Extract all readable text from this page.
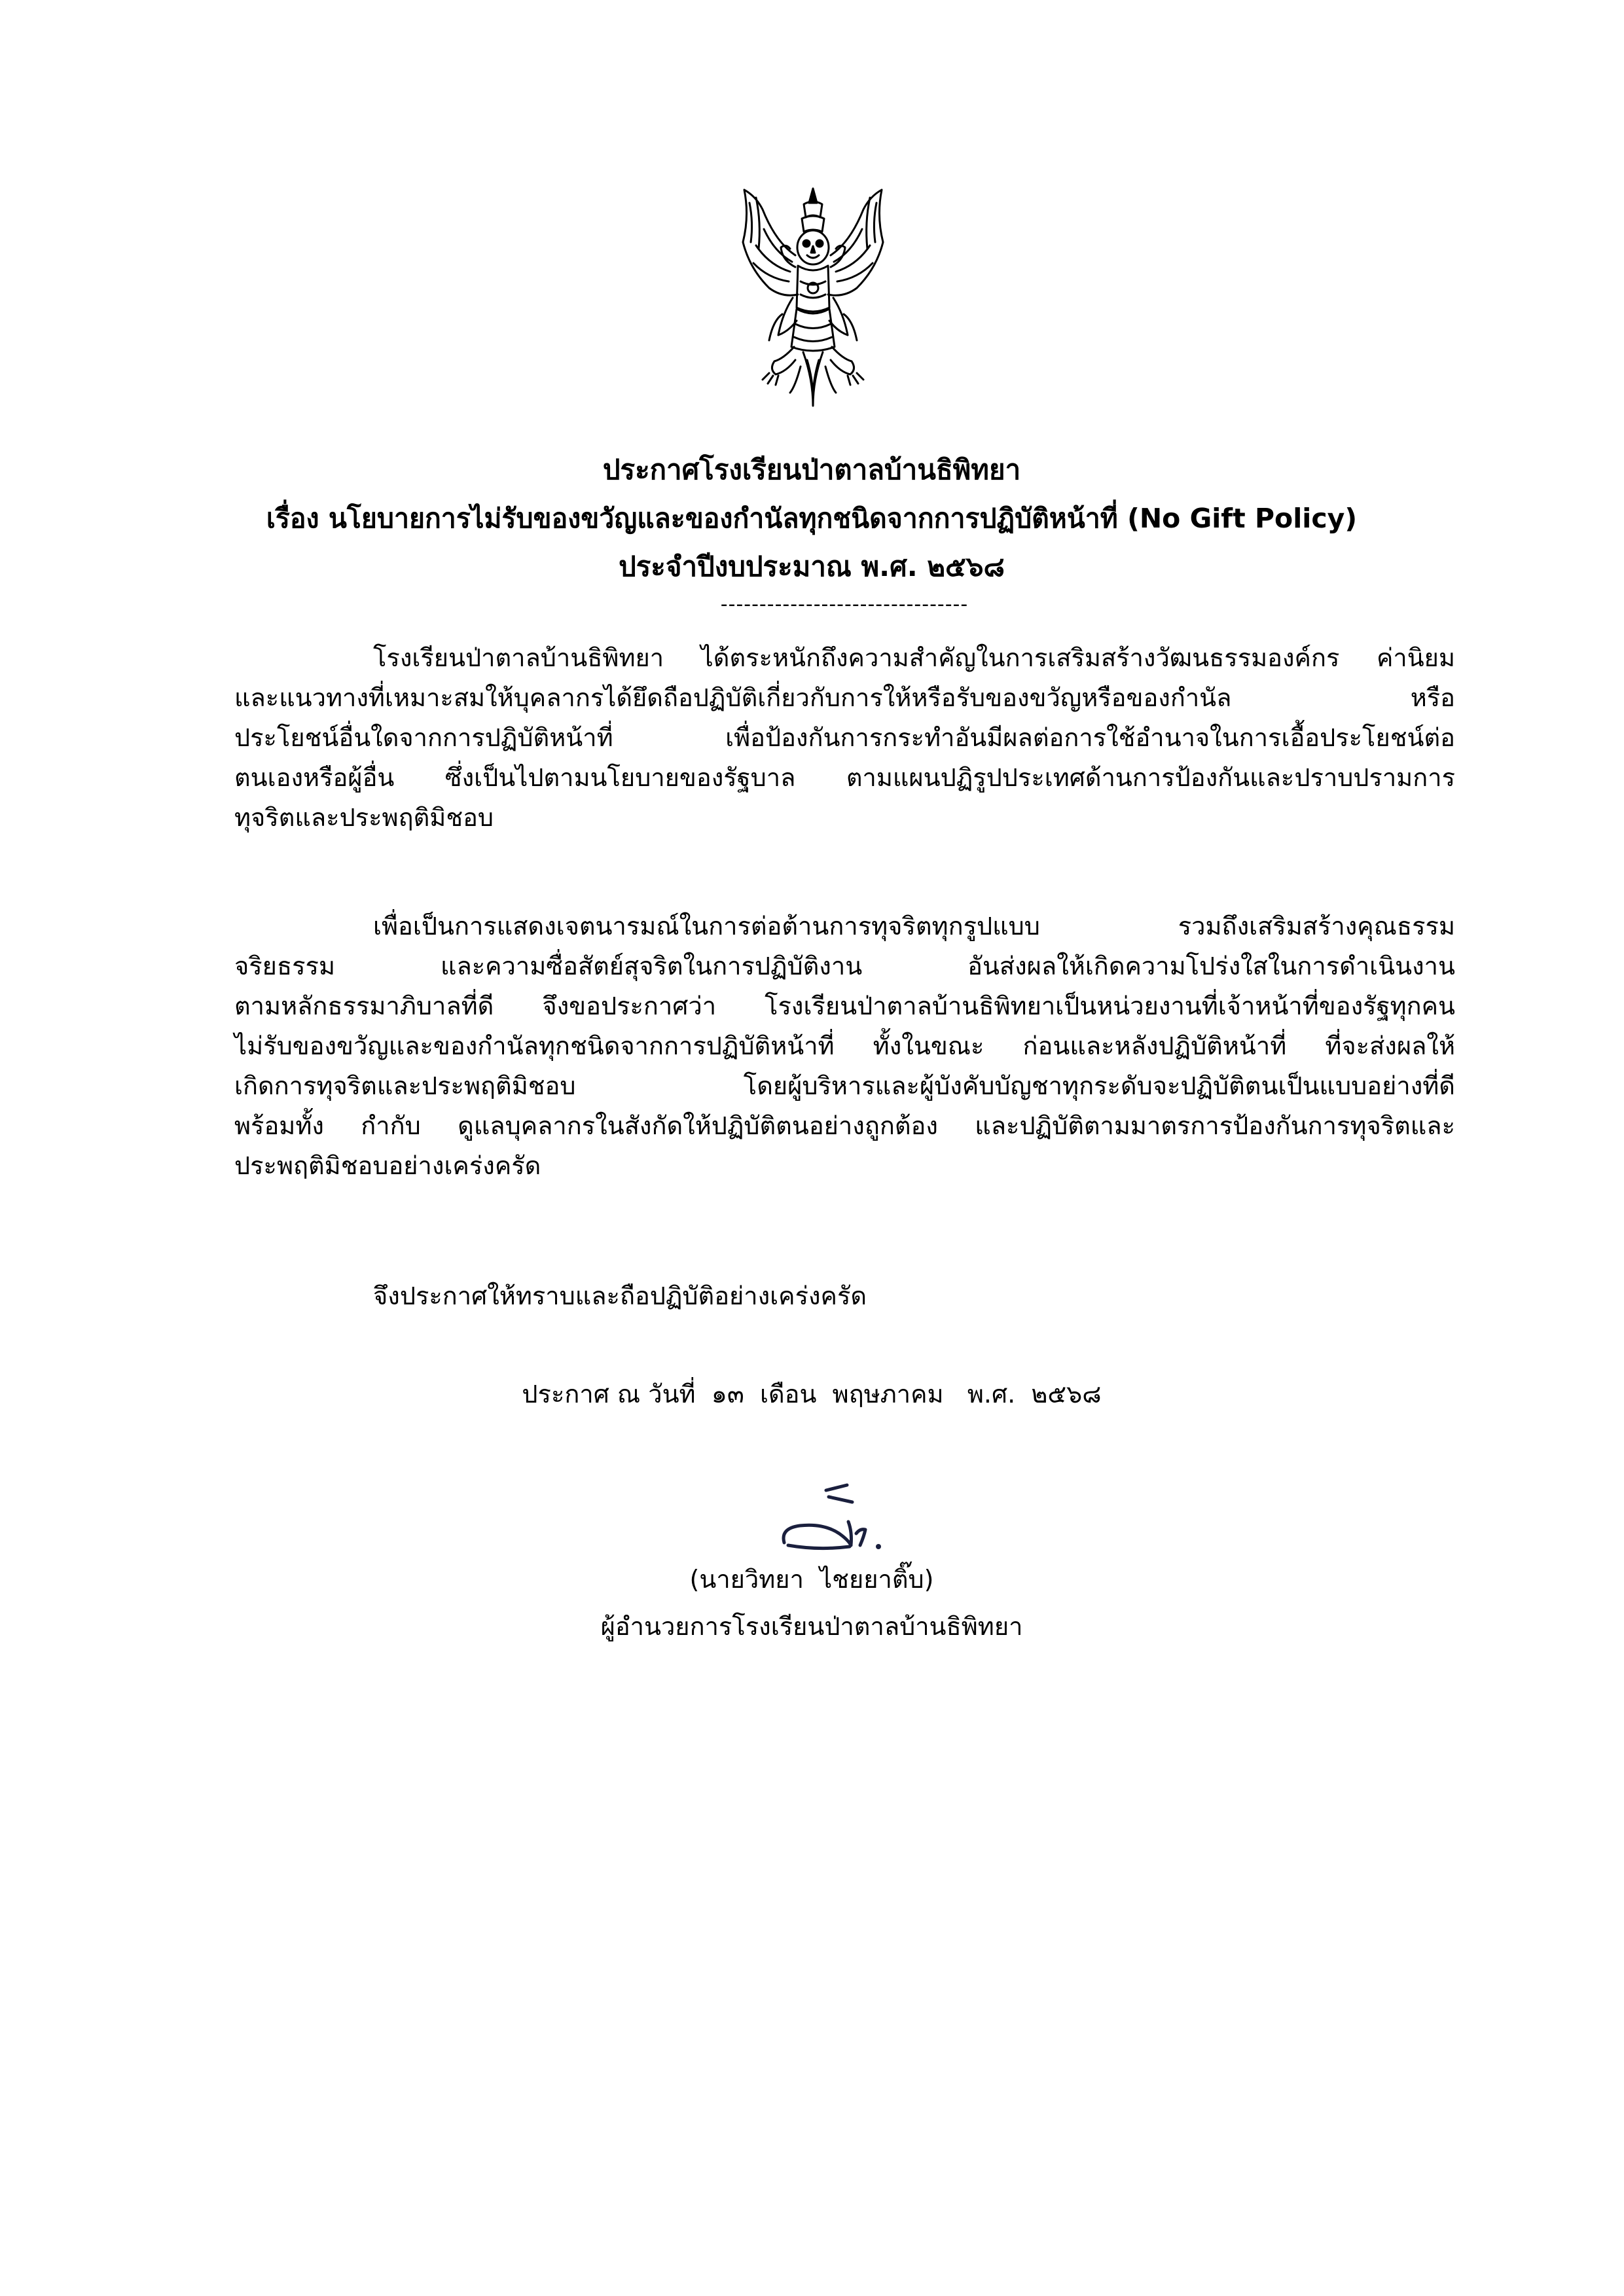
ประกาศโรงเรียนป่าตาลบ้านธิพิทยา
เรื่อง นโยบายการไม่รับของขวัญและของกำนัลทุกชนิดจากการปฏิบัติหน้าที่ (No Gift Policy)
ประจำปีงบประมาณ พ.ศ. ๒๕๖๘
--------------------------------
โรงเรียนป่าตาลบ้านธิพิทยา ได้ตระหนักถึงความสำคัญในการเสริมสร้างวัฒนธรรมองค์กร ค่านิยม
และแนวทางที่เหมาะสมให้บุคลากรได้ยึดถือปฏิบัติเกี่ยวกับการให้หรือรับของขวัญหรือของกำนัล หรือ
ประโยชน์อื่นใดจากการปฏิบัติหน้าที่ เพื่อป้องกันการกระทำอันมีผลต่อการใช้อำนาจในการเอื้อประโยชน์ต่อ
ตนเองหรือผู้อื่น ซึ่งเป็นไปตามนโยบายของรัฐบาล ตามแผนปฏิรูปประเทศด้านการป้องกันและปราบปรามการ
ทุจริตและประพฤติมิชอบ
เพื่อเป็นการแสดงเจตนารมณ์ในการต่อต้านการทุจริตทุกรูปแบบ รวมถึงเสริมสร้างคุณธรรม
จริยธรรม และความซื่อสัตย์สุจริตในการปฏิบัติงาน อันส่งผลให้เกิดความโปร่งใสในการดำเนินงาน
ตามหลักธรรมาภิบาลที่ดี จึงขอประกาศว่า โรงเรียนป่าตาลบ้านธิพิทยาเป็นหน่วยงานที่เจ้าหน้าที่ของรัฐทุกคน
ไม่รับของขวัญและของกำนัลทุกชนิดจากการปฏิบัติหน้าที่ ทั้งในขณะ ก่อนและหลังปฏิบัติหน้าที่ ที่จะส่งผลให้
เกิดการทุจริตและประพฤติมิชอบ โดยผู้บริหารและผู้บังคับบัญชาทุกระดับจะปฏิบัติตนเป็นแบบอย่างที่ดี
พร้อมทั้ง กำกับ ดูแลบุคลากรในสังกัดให้ปฏิบัติตนอย่างถูกต้อง และปฏิบัติตามมาตรการป้องกันการทุจริตและ
ประพฤติมิชอบอย่างเคร่งครัด
จึงประกาศให้ทราบและถือปฏิบัติอย่างเคร่งครัด
ประกาศ ณ วันที่  ๑๓  เดือน  พฤษภาคม   พ.ศ.  ๒๕๖๘
(นายวิทยา  ไชยยาติ๊บ)
ผู้อำนวยการโรงเรียนป่าตาลบ้านธิพิทยา
